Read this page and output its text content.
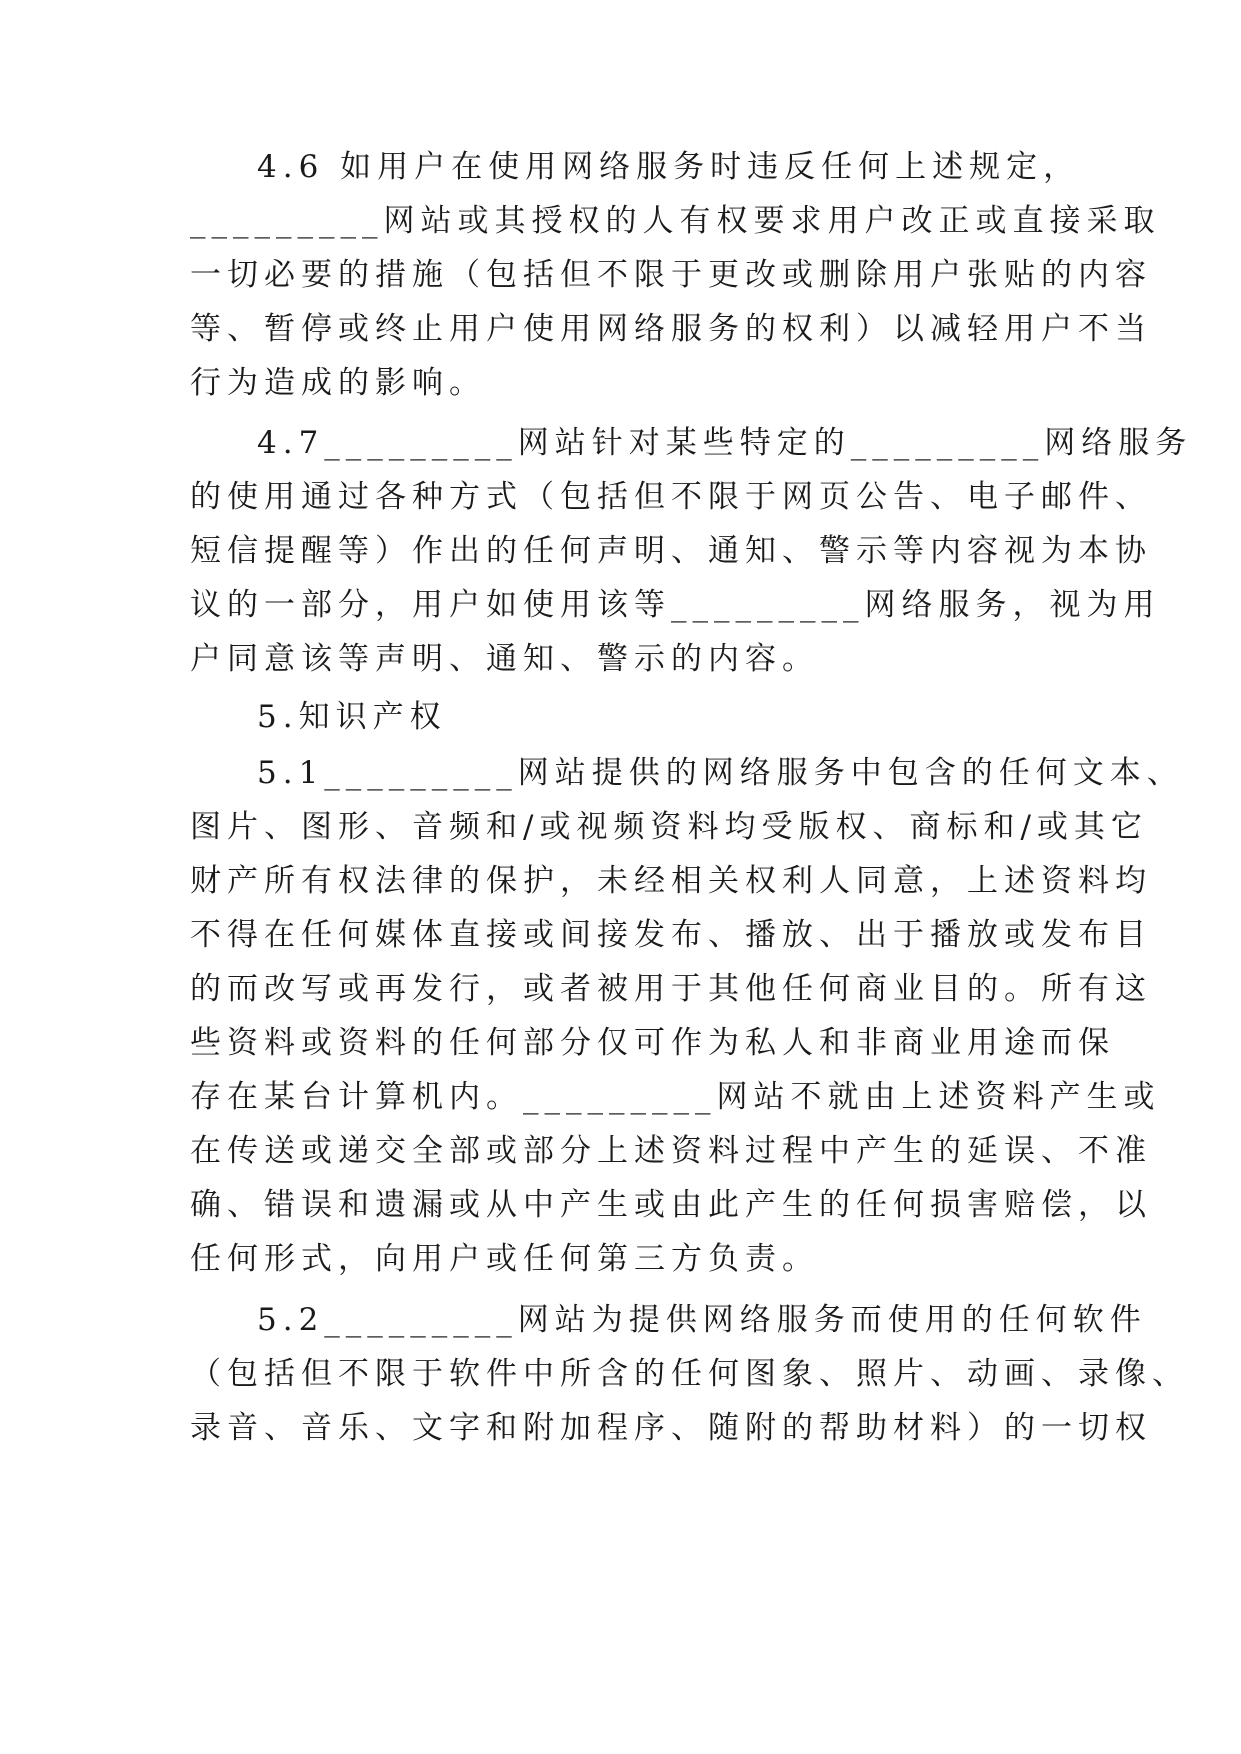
4.6 如用户在使用网络服务时违反任何上述规定，
_________网站或其授权的人有权要求用户改正或直接采取
一切必要的措施（包括但不限于更改或删除用户张贴的内容
等、暂停或终止用户使用网络服务的权利）以减轻用户不当
行为造成的影响。
4.7_________网站针对某些特定的_________网络服务
的使用通过各种方式（包括但不限于网页公告、电子邮件、
短信提醒等）作出的任何声明、通知、警示等内容视为本协
议的一部分，用户如使用该等_________网络服务，视为用
户同意该等声明、通知、警示的内容。
5.知识产权
5.1_________网站提供的网络服务中包含的任何文本、
图片、图形、音频和/或视频资料均受版权、商标和/或其它
财产所有权法律的保护，未经相关权利人同意，上述资料均
不得在任何媒体直接或间接发布、播放、出于播放或发布目
的而改写或再发行，或者被用于其他任何商业目的。所有这
些资料或资料的任何部分仅可作为私人和非商业用途而保
存在某台计算机内。_________网站不就由上述资料产生或
在传送或递交全部或部分上述资料过程中产生的延误、不准
确、错误和遗漏或从中产生或由此产生的任何损害赔偿，以
任何形式，向用户或任何第三方负责。
5.2_________网站为提供网络服务而使用的任何软件
（包括但不限于软件中所含的任何图象、照片、动画、录像、
录音、音乐、文字和附加程序、随附的帮助材料）的一切权
